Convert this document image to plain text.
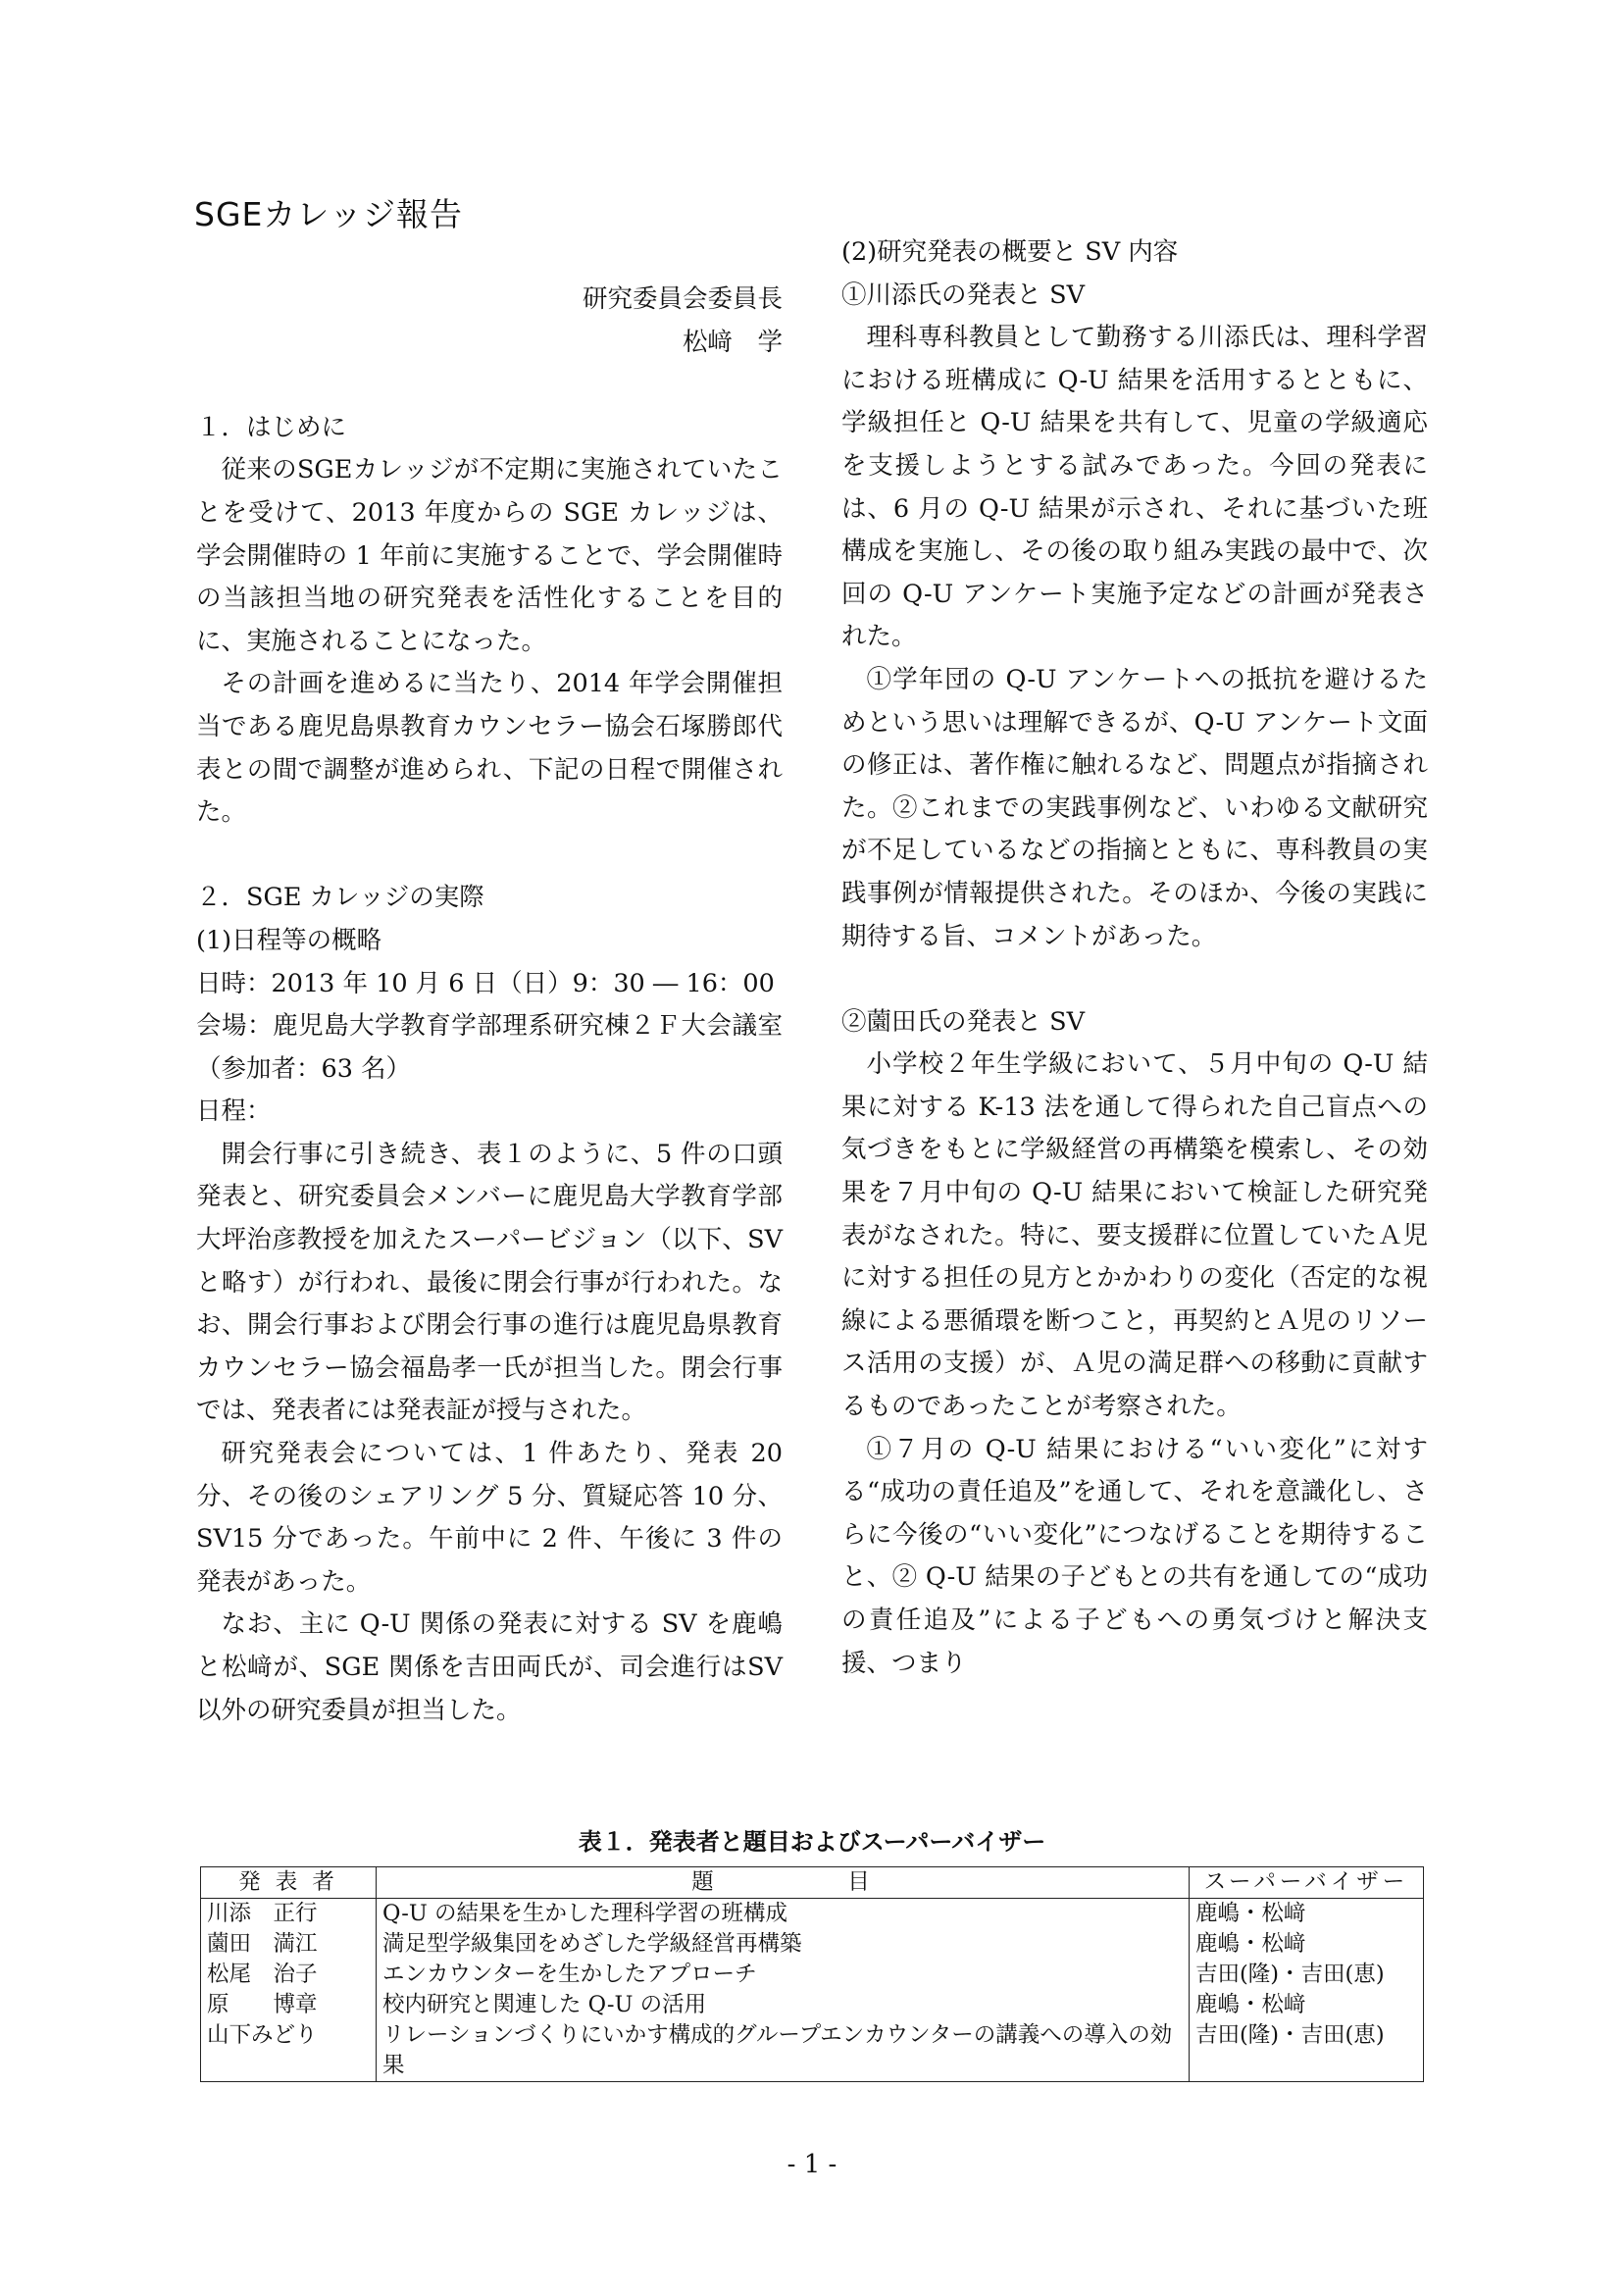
SGEカレッジ報告

研究委員会委員長

松﨑　学

１．はじめに

従来のSGEカレッジが不定期に実施されていたことを受けて、2013 年度からの SGE カレッジは、学会開催時の 1 年前に実施することで、学会開催時の当該担当地の研究発表を活性化することを目的に、実施されることになった。

その計画を進めるに当たり、2014 年学会開催担当である鹿児島県教育カウンセラー協会石塚勝郎代表との間で調整が進められ、下記の日程で開催された。

２．SGE カレッジの実際

(1)日程等の概略

日時：2013 年 10 月 6 日（日）9：30 ― 16：00

会場：鹿児島大学教育学部理系研究棟２Ｆ大会議室（参加者：63 名）

日程：

開会行事に引き続き、表１のように、5 件の口頭発表と、研究委員会メンバーに鹿児島大学教育学部大坪治彦教授を加えたスーパービジョン（以下、SV と略す）が行われ、最後に閉会行事が行われた。なお、開会行事および閉会行事の進行は鹿児島県教育カウンセラー協会福島孝一氏が担当した。閉会行事では、発表者には発表証が授与された。

研究発表会については、1 件あたり、発表 20 分、その後のシェアリング 5 分、質疑応答 10 分、SV15 分であった。午前中に 2 件、午後に 3 件の発表があった。

なお、主に Q-U 関係の発表に対する SV を鹿嶋と松﨑が、SGE 関係を吉田両氏が、司会進行はSV 以外の研究委員が担当した。

(2)研究発表の概要と SV 内容

①川添氏の発表と SV

理科専科教員として勤務する川添氏は、理科学習における班構成に Q-U 結果を活用するとともに、学級担任と Q-U 結果を共有して、児童の学級適応を支援しようとする試みであった。今回の発表には、6 月の Q-U 結果が示され、それに基づいた班構成を実施し、その後の取り組み実践の最中で、次回の Q-U アンケート実施予定などの計画が発表された。

①学年団の Q-U アンケートへの抵抗を避けるためという思いは理解できるが、Q-U アンケート文面の修正は、著作権に触れるなど、問題点が指摘された。②これまでの実践事例など、いわゆる文献研究が不足しているなどの指摘とともに、専科教員の実践事例が情報提供された。そのほか、今後の実践に期待する旨、コメントがあった。

②薗田氏の発表と SV

小学校２年生学級において、５月中旬の Q-U 結果に対する K-13 法を通して得られた自己盲点への気づきをもとに学級経営の再構築を模索し、その効果を７月中旬の Q-U 結果において検証した研究発表がなされた。特に、要支援群に位置していたＡ児に対する担任の見方とかかわりの変化（否定的な視線による悪循環を断つこと，再契約とＡ児のリソース活用の支援）が、Ａ児の満足群への移動に貢献するものであったことが考察された。

①７月の Q-U 結果における“いい変化”に対する“成功の責任追及”を通して、それを意識化し、さらに今後の“いい変化”につなげることを期待すること、② Q-U 結果の子どもとの共有を通しての“成功の責任追及”による子どもへの勇気づけと解決支援、つまり

表１．発表者と題目およびスーパーバイザー
発 表 者	題　　　　　目	スーパーバイザー
川添　正行	Q-U の結果を生かした理科学習の班構成	鹿嶋・松﨑
薗田　満江	満足型学級集団をめざした学級経営再構築	鹿嶋・松﨑
松尾　治子	エンカウンターを生かしたアプローチ	吉田(隆)・吉田(恵)
原　　博章	校内研究と関連した Q-U の活用	鹿嶋・松﨑
山下みどり	リレーションづくりにいかす構成的グループエンカウンターの講義への導入の効果	吉田(隆)・吉田(恵)
- 1 -
